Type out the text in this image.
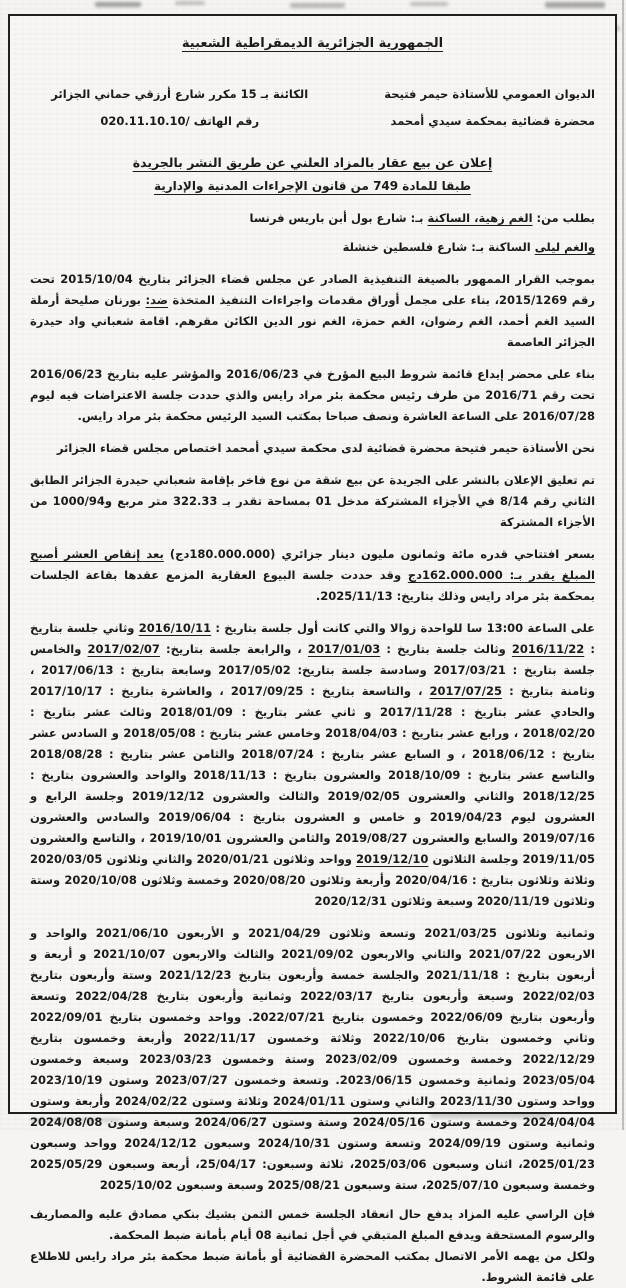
الجمهورية الجزائرية الديمقراطية الشعبية
الديوان العمومي للأستاذة حيمر فتيحة
محضرة قضائية بمحكمة سيدي أمحمد
الكائنة بـ 15 مكرر شارع أرزقي حماني الجزائر
رقم الهاتف /020.11.10.10
إعلان عن بيع عقار بالمزاد العلني عن طريق النشر بالجريدة
طبقا للمادة 749 من قانون الإجراءات المدنية والإدارية

بطلب من: الغم زهية، الساكنة بـ: شارع بول أبن باريس فرنسا

والغم ليلى الساكنة بـ: شارع فلسطين خنشلة

بموجب القرار الممهور بالصيغة التنفيذية الصادر عن مجلس قضاء الجزائر بتاريخ 2015/10/04 تحت رقم 2015/1269، بناء على مجمل أوراق مقدمات واجراءات التنفيذ المتخذة ضد: بورنان صليحة أرملة السيد الغم أحمد، الغم رضوان، الغم حمزة، الغم نور الدين الكائن مقرهم. اقامة شعباني واد حيدرة الجزائر العاصمة

بناء على محضر إيداع قائمة شروط البيع المؤرخ في 2016/06/23 والمؤشر عليه بتاريخ 2016/06/23 تحت رقم 2016/71 من طرف رئيس محكمة بئر مراد رايس والذي حددت جلسة الاعتراضات فيه ليوم 2016/07/28 على الساعة العاشرة ونصف صباحا بمكتب السيد الرئيس محكمة بئر مراد رايس.

نحن الأستاذة حيمر فتيحة محضرة قضائية لدى محكمة سيدي أمحمد اختصاص مجلس قضاء الجزائر

تم تعليق الإعلان بالنشر على الجريدة عن بيع شقة من نوع فاخر بإقامة شعباني حيدرة الجزائر الطابق الثاني رقم 8/14 في الأجزاء المشتركة مدخل 01 بمساحة تقدر بـ 322.33 متر مربع و1000/94 من الأجزاء المشتركة

بسعر افتتاحي قدره مائة وثمانون مليون دينار جزائري (180.000.000دج) بعد إنقاص العشر أصبح المبلغ يقدر بـ: 162.000.000دج وقد حددت جلسة البيوع العقارية المزمع عقدها بقاعة الجلسات بمحكمة بئر مراد رايس وذلك بتاريخ: 2025/11/13.

على الساعة 13:00 سا للواحدة زوالا والتي كانت أول جلسة بتاريخ : 2016/10/11 وثاني جلسة بتاريخ : 2016/11/22 وثالث جلسة بتاريخ : 2017/01/03 ، والرابعة جلسة بتاريخ: 2017/02/07 والخامس جلسة بتاريخ : 2017/03/21 وسادسة جلسة بتاريخ: 2017/05/02 وسابعة بتاريخ : 2017/06/13 ، وثامنة بتاريخ : 2017/07/25 ، والتاسعة بتاريخ : 2017/09/25 ، والعاشرة بتاريخ : 2017/10/17 والحادي عشر بتاريخ : 2017/11/28 و ثاني عشر بتاريخ : 2018/01/09 وثالث عشر بتاريخ : 2018/02/20 ، ورابع عشر بتاريخ : 2018/04/03 وخامس عشر بتاريخ : 2018/05/08 و السادس عشر بتاريخ : 2018/06/12 ، و السابع عشر بتاريخ : 2018/07/24 والثامن عشر بتاريخ : 2018/08/28 والتاسع عشر بتاريخ : 2018/10/09 والعشرون بتاريخ : 2018/11/13 والواحد والعشرون بتاريخ : 2018/12/25 والثاني والعشرون 2019/02/05 والثالث والعشرون 2019/12/12 وجلسة الرابع و العشرون ليوم 2019/04/23 و خامس و العشرون بتاريخ : 2019/06/04 والسادس والعشرون 2019/07/16 والسابع والعشرون 2019/08/27 والثامن والعشرون 2019/10/01 ، والتاسع والعشرون 2019/11/05 وجلسة الثلاثون 2019/12/10 وواحد وثلاثون 2020/01/21 والثاني وثلاثون 2020/03/05 وثلاثة وثلاثون بتاريخ : 2020/04/16 وأربعة وثلاثون 2020/08/20 وخمسة وثلاثون 2020/10/08 وستة وثلاثون 2020/11/19 وسبعة وثلاثون 2020/12/31

وثمانية وثلاثون 2021/03/25 وتسعة وثلاثون 2021/04/29 و الأربعون 2021/06/10 والواحد و الاربعون 2021/07/22 والثاني والاربعون 2021/09/02 والثالث والاربعون 2021/10/07 و أربعة و أربعون بتاريخ : 2021/11/18 والجلسة خمسة وأربعون بتاريخ 2021/12/23 وستة وأربعون بتاريخ 2022/02/03 وسبعة وأربعون بتاريخ 2022/03/17 وثمانية وأربعون بتاريخ 2022/04/28 وتسعة وأربعون بتاريخ 2022/06/09 وخمسون بتاريخ 2022/07/21. وواحد وخمسون بتاريخ 2022/09/01 وثاني وخمسون بتاريخ 2022/10/06 وثلاثة وخمسون 2022/11/17 وأربعة وخمسون بتاريخ 2022/12/29 وخمسة وخمسون 2023/02/09 وستة وخمسون 2023/03/23 وسبعة وخمسون 2023/05/04 وثمانية وخمسون 2023/06/15. وتسعة وخمسون 2023/07/27 وستون 2023/10/19 وواحد وستون 2023/11/30 والثاني وستون 2024/01/11 وثلاثة وستون 2024/02/22 وأربعة وستون 2024/04/04 وخمسة وستون 2024/05/16 وستة وستون 2024/06/27 وسبعة وستون 2024/08/08 وثمانية وستون 2024/09/19 وتسعة وستون 2024/10/31 وسبعون 2024/12/12 وواحد وسبعون 2025/01/23، اثنان وسبعون 2025/03/06، ثلاثة وسبعون: 25/04/17، أربعة وسبعون 2025/05/29 وخمسة وسبعون 2025/07/10، ستة وسبعون 2025/08/21 وسبعة وسبعون 2025/10/02

فإن الراسي عليه المزاد يدفع حال انعقاد الجلسة خمس الثمن بشيك بنكي مصادق عليه والمصاريف والرسوم المستحقة ويدفع المبلغ المتبقي في أجل ثمانية 08 أيام بأمانة ضبط المحكمة.

ولكل من يهمه الأمر الاتصال بمكتب المحضرة القضائية أو بأمانة ضبط محكمة بئر مراد رايس للاطلاع على قائمة الشروط.
